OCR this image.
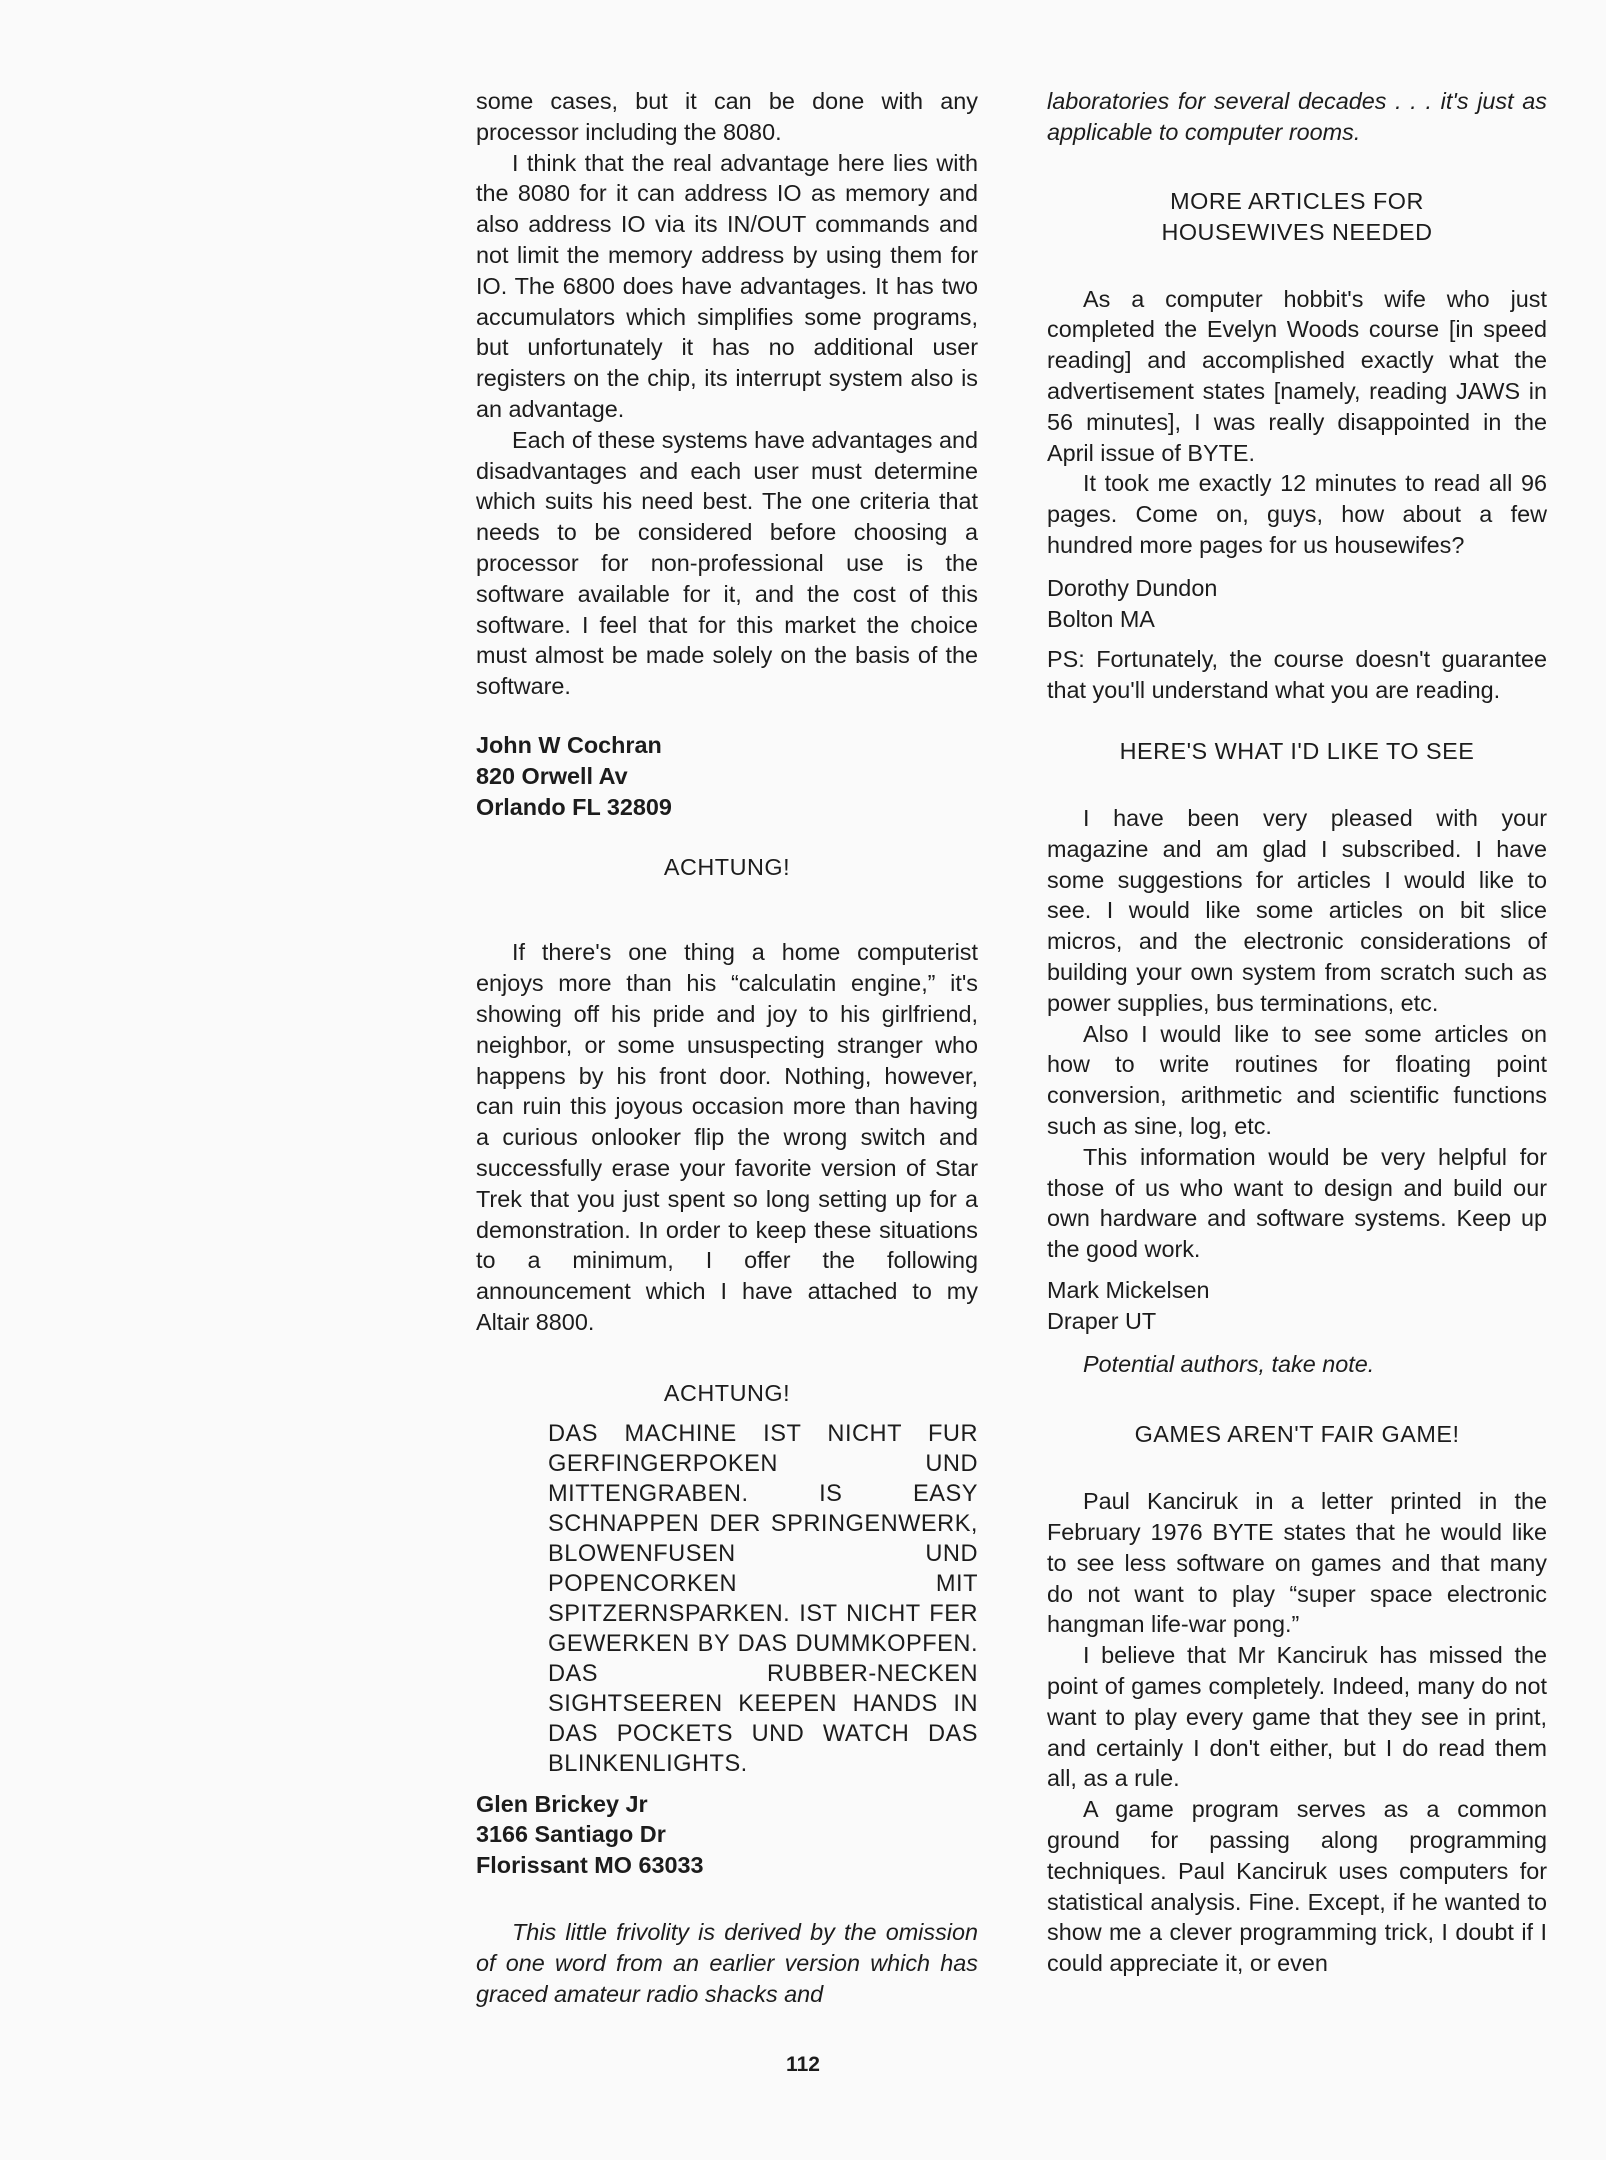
some cases, but it can be done with any processor including the 8080.

I think that the real advantage here lies with the 8080 for it can address IO as memory and also address IO via its IN/OUT commands and not limit the memory address by using them for IO. The 6800 does have advantages. It has two accumulators which simplifies some programs, but unfortunately it has no additional user registers on the chip, its interrupt system also is an advantage.

Each of these systems have advantages and disadvantages and each user must determine which suits his need best. The one criteria that needs to be considered before choosing a processor for non-professional use is the software available for it, and the cost of this software. I feel that for this market the choice must almost be made solely on the basis of the software.

John W Cochran

820 Orwell Av

Orlando FL 32809

ACHTUNG!

If there's one thing a home computerist enjoys more than his “calculatin engine,” it's showing off his pride and joy to his girlfriend, neighbor, or some unsuspecting stranger who happens by his front door. Nothing, however, can ruin this joyous occasion more than having a curious onlooker flip the wrong switch and successfully erase your favorite version of Star Trek that you just spent so long setting up for a demonstration. In order to keep these situations to a minimum, I offer the following announcement which I have attached to my Altair 8800.

ACHTUNG!

DAS MACHINE IST NICHT FUR GERFINGERPOKEN UND MITTENGRABEN. IS EASY SCHNAPPEN DER SPRINGENWERK, BLOWENFUSEN UND POPENCORKEN MIT SPITZERNSPARKEN. IST NICHT FER GEWERKEN BY DAS DUMMKOPFEN. DAS RUBBER-NECKEN SIGHTSEEREN KEEPEN HANDS IN DAS POCKETS UND WATCH DAS BLINKENLIGHTS.

Glen Brickey Jr

3166 Santiago Dr

Florissant MO 63033

This little frivolity is derived by the omission of one word from an earlier version which has graced amateur radio shacks and

laboratories for several decades . . . it's just as applicable to computer rooms.

MORE ARTICLES FOR HOUSEWIVES NEEDED

As a computer hobbit's wife who just completed the Evelyn Woods course [in speed reading] and accomplished exactly what the advertisement states [namely, reading JAWS in 56 minutes], I was really disappointed in the April issue of BYTE.

It took me exactly 12 minutes to read all 96 pages. Come on, guys, how about a few hundred more pages for us housewifes?

Dorothy Dundon

Bolton MA

PS: Fortunately, the course doesn't guarantee that you'll understand what you are reading.

HERE'S WHAT I'D LIKE TO SEE

I have been very pleased with your magazine and am glad I subscribed. I have some suggestions for articles I would like to see. I would like some articles on bit slice micros, and the electronic considerations of building your own system from scratch such as power supplies, bus terminations, etc.

Also I would like to see some articles on how to write routines for floating point conversion, arithmetic and scientific functions such as sine, log, etc.

This information would be very helpful for those of us who want to design and build our own hardware and software systems. Keep up the good work.

Mark Mickelsen

Draper UT

Potential authors, take note.

GAMES AREN'T FAIR GAME!

Paul Kanciruk in a letter printed in the February 1976 BYTE states that he would like to see less software on games and that many do not want to play “super space electronic hangman life-war pong.”

I believe that Mr Kanciruk has missed the point of games completely. Indeed, many do not want to play every game that they see in print, and certainly I don't either, but I do read them all, as a rule.

A game program serves as a common ground for passing along programming techniques. Paul Kanciruk uses computers for statistical analysis. Fine. Except, if he wanted to show me a clever programming trick, I doubt if I could appreciate it, or even

112
